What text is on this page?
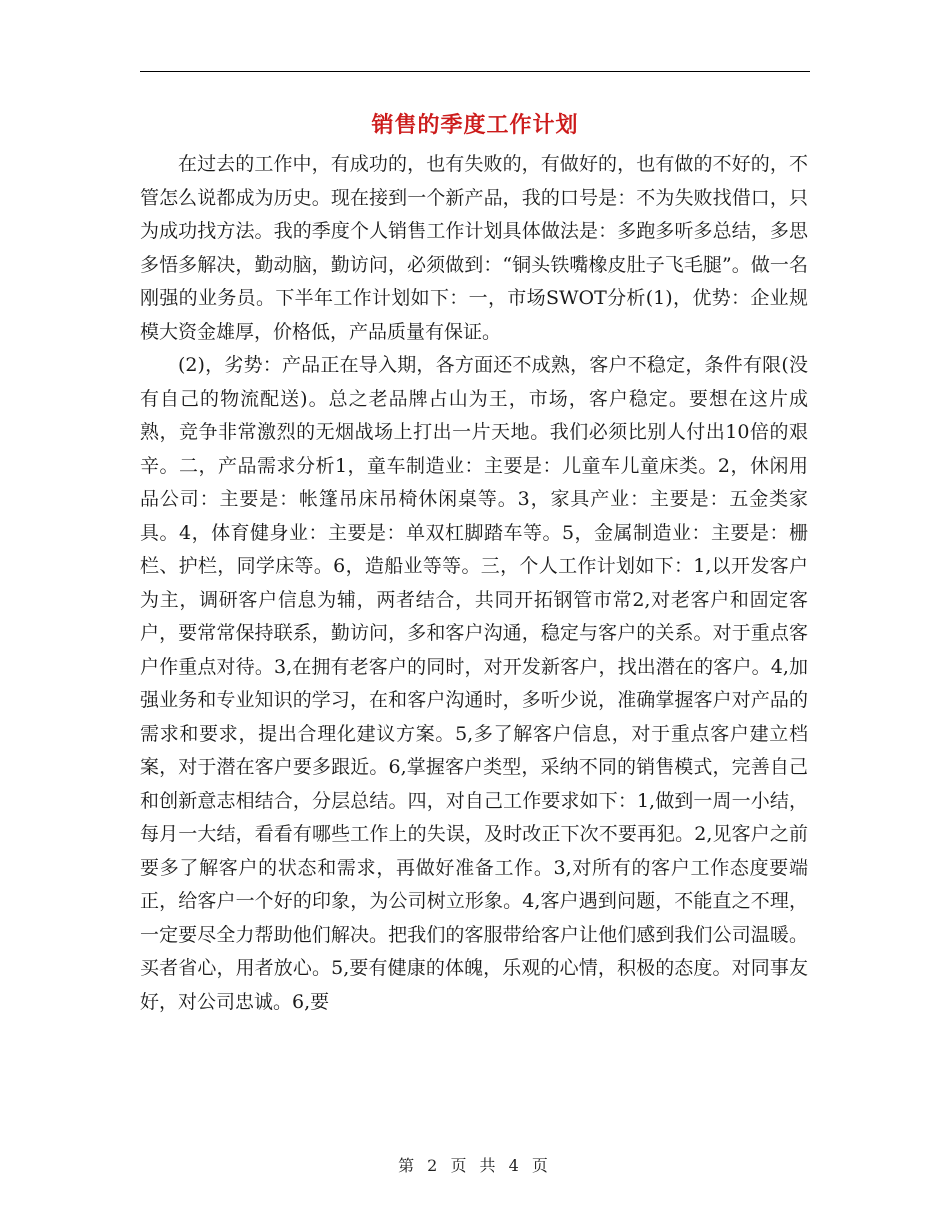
销售的季度工作计划

在过去的工作中，有成功的，也有失败的，有做好的，也有做的不好的，不管怎么说都成为历史。现在接到一个新产品，我的口号是：不为失败找借口，只为成功找方法。我的季度个人销售工作计划具体做法是：多跑多听多总结，多思多悟多解决，勤动脑，勤访问，必须做到：“铜头铁嘴橡皮肚子飞毛腿”。做一名刚强的业务员。下半年工作计划如下：一，市场SWOT分析(1)，优势：企业规模大资金雄厚，价格低，产品质量有保证。

(2)，劣势：产品正在导入期，各方面还不成熟，客户不稳定，条件有限(没有自己的物流配送)。总之老品牌占山为王，市场，客户稳定。要想在这片成熟，竞争非常激烈的无烟战场上打出一片天地。我们必须比别人付出10倍的艰辛。二，产品需求分析1，童车制造业：主要是：儿童车儿童床类。2，休闲用品公司：主要是：帐篷吊床吊椅休闲桌等。3，家具产业：主要是：五金类家具。4，体育健身业：主要是：单双杠脚踏车等。5，金属制造业：主要是：栅栏、护栏，同学床等。6，造船业等等。三，个人工作计划如下：1,以开发客户为主，调研客户信息为辅，两者结合，共同开拓钢管市常2,对老客户和固定客户，要常常保持联系，勤访问，多和客户沟通，稳定与客户的关系。对于重点客户作重点对待。3,在拥有老客户的同时，对开发新客户，找出潜在的客户。4,加强业务和专业知识的学习，在和客户沟通时，多听少说，准确掌握客户对产品的需求和要求，提出合理化建议方案。5,多了解客户信息，对于重点客户建立档案，对于潜在客户要多跟近。6,掌握客户类型，采纳不同的销售模式，完善自己和创新意志相结合，分层总结。四，对自己工作要求如下：1,做到一周一小结，每月一大结，看看有哪些工作上的失误，及时改正下次不要再犯。2,见客户之前要多了解客户的状态和需求，再做好准备工作。3,对所有的客户工作态度要端正，给客户一个好的印象，为公司树立形象。4,客户遇到问题，不能直之不理，一定要尽全力帮助他们解决。把我们的客服带给客户让他们感到我们公司温暖。买者省心，用者放心。5,要有健康的体魄，乐观的心情，积极的态度。对同事友好，对公司忠诚。6,要

第 2 页 共 4 页
